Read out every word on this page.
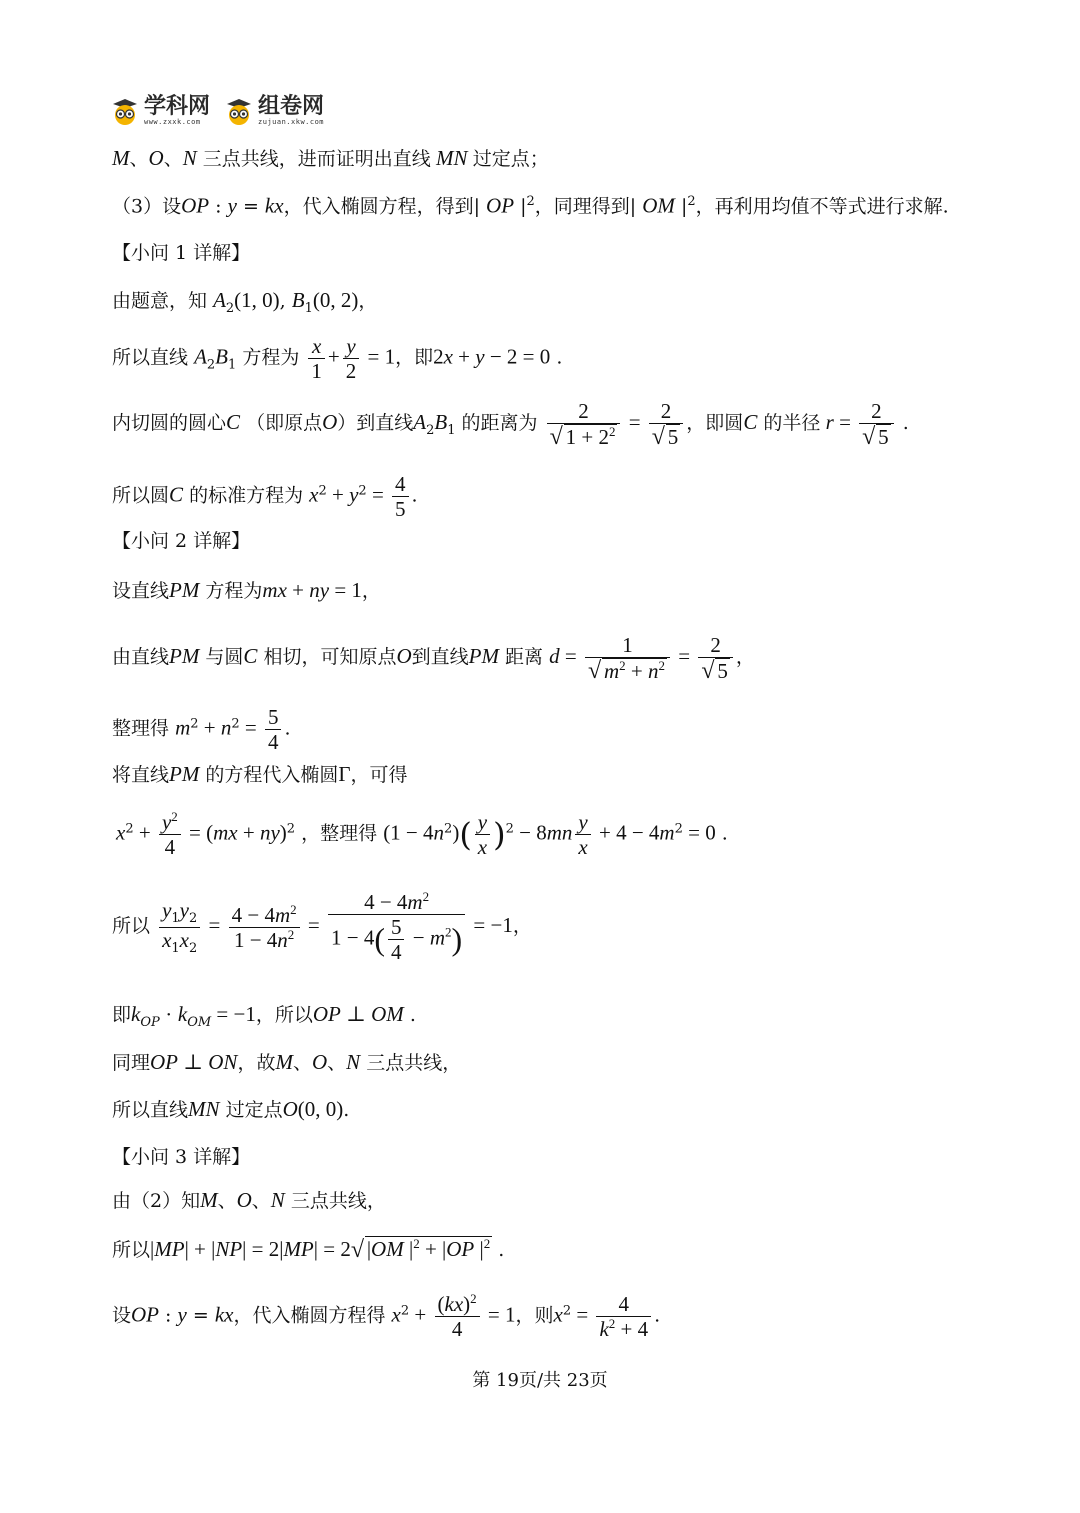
学科网
www.zxxk.com
组卷网
zujuan.xkw.com
M、O、N 三点共线，进而证明出直线 MN 过定点；
（3）设OP : y = kx，代入椭圆方程，得到| OP $|^2$，同理得到| OM $|^2$，再利用均值不等式进行求解.
【小问 1 详解】
由题意，知 $A_2(1$, 0), $B_1(0$, 2)，
所以直线 $A_2B_1$ 方程为 $\frac{x}{1} + \frac{y}{2} = 1$，即2x + y − 2 = 0 .
内切圆的圆心C （即原点O）到直线$A_2B_1$ 的距离为 2
√ $1 + 2^2 = 2$
√ 5 ，即圆C 的半径 r = 2
√ 5 .
所以圆C 的标准方程为 $x^2 + y^2 = \frac{4}{5}$ .
【小问 2 详解】
设直线PM 方程为mx + ny = 1，
由直线PM 与圆C 相切，可知原点O到直线PM 距离 d = 1
√ $m^2 + n^2 = 2$
√ 5 ，
整理得 $m^2 + n^2 = \frac{5}{4}$ .
将直线PM 的方程代入椭圆Γ，可得
$x^2 + \frac{y^2}{4} = (mx + ny)^2$ ，整理得 $(1 - 4n^2)( \frac{y}{x} )^2 - 8mn \frac{y}{x} + 4 - 4m^2 = 0$ .
所以 $\frac{y_1y_2}{x_1x_2} = \frac{4 - 4m^2}{1 - 4n^2} = \frac{4 - 4m^2}{1 - 4( \frac{5}{4} - m^2)} = -1$，
即$k_{OP} \cdot k_{OM} = -1$，所以OP ⊥ OM .
同理OP ⊥ ON，故M、O、N 三点共线，
所以直线MN 过定点O(0, 0).
【小问 3 详解】
由（2）知M、O、N 三点共线，
所以|MP| + |NP| = 2|MP| = 2√ |OM $|^2 + |OP$ $|^2$ .
设OP : y = kx，代入椭圆方程得 $x^2 + \frac{(kx)^2}{4} = 1$，则$x^2 = \frac{4}{k^2 + 4}$ .
第 19页/共 23页
